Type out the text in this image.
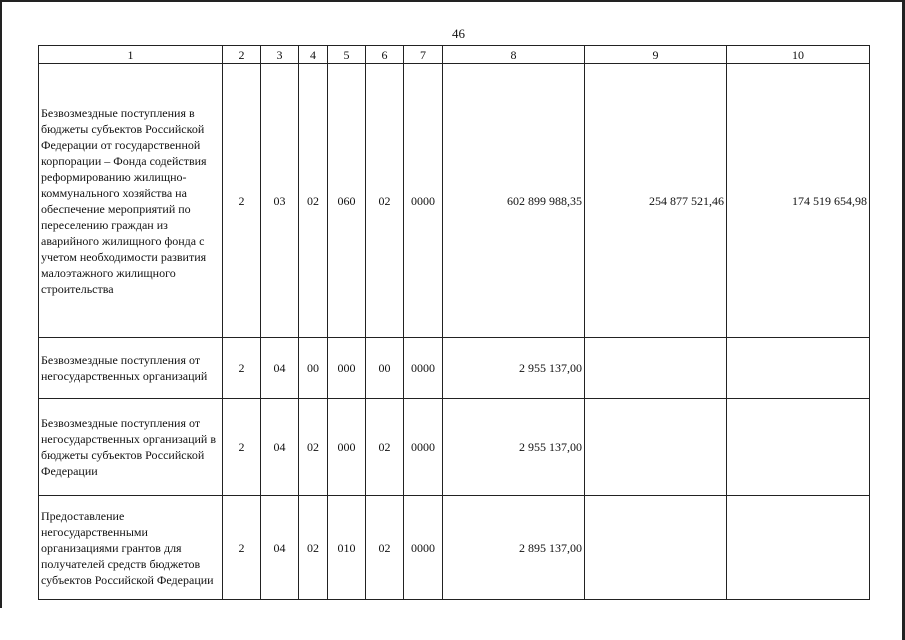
46
1	2	3	4	5	6	7	8	9	10
Безвозмездные поступления в бюджеты субъектов Российской Федерации от государственной корпорации – Фонда содействия реформированию жилищно-коммунального хозяйства на обеспечение мероприятий по переселению граждан из аварийного жилищного фонда с учетом необходимости развития малоэтажного жилищного строительства	2	03	02	060	02	0000	602 899 988,35	254 877 521,46	174 519 654,98
Безвозмездные поступления от негосударственных организаций	2	04	00	000	00	0000	2 955 137,00		
Безвозмездные поступления от негосударственных организаций в бюджеты субъектов Российской Федерации	2	04	02	000	02	0000	2 955 137,00		
Предоставление негосударственными организациями грантов для получателей средств бюджетов субъектов Российской Федерации	2	04	02	010	02	0000	2 895 137,00		
